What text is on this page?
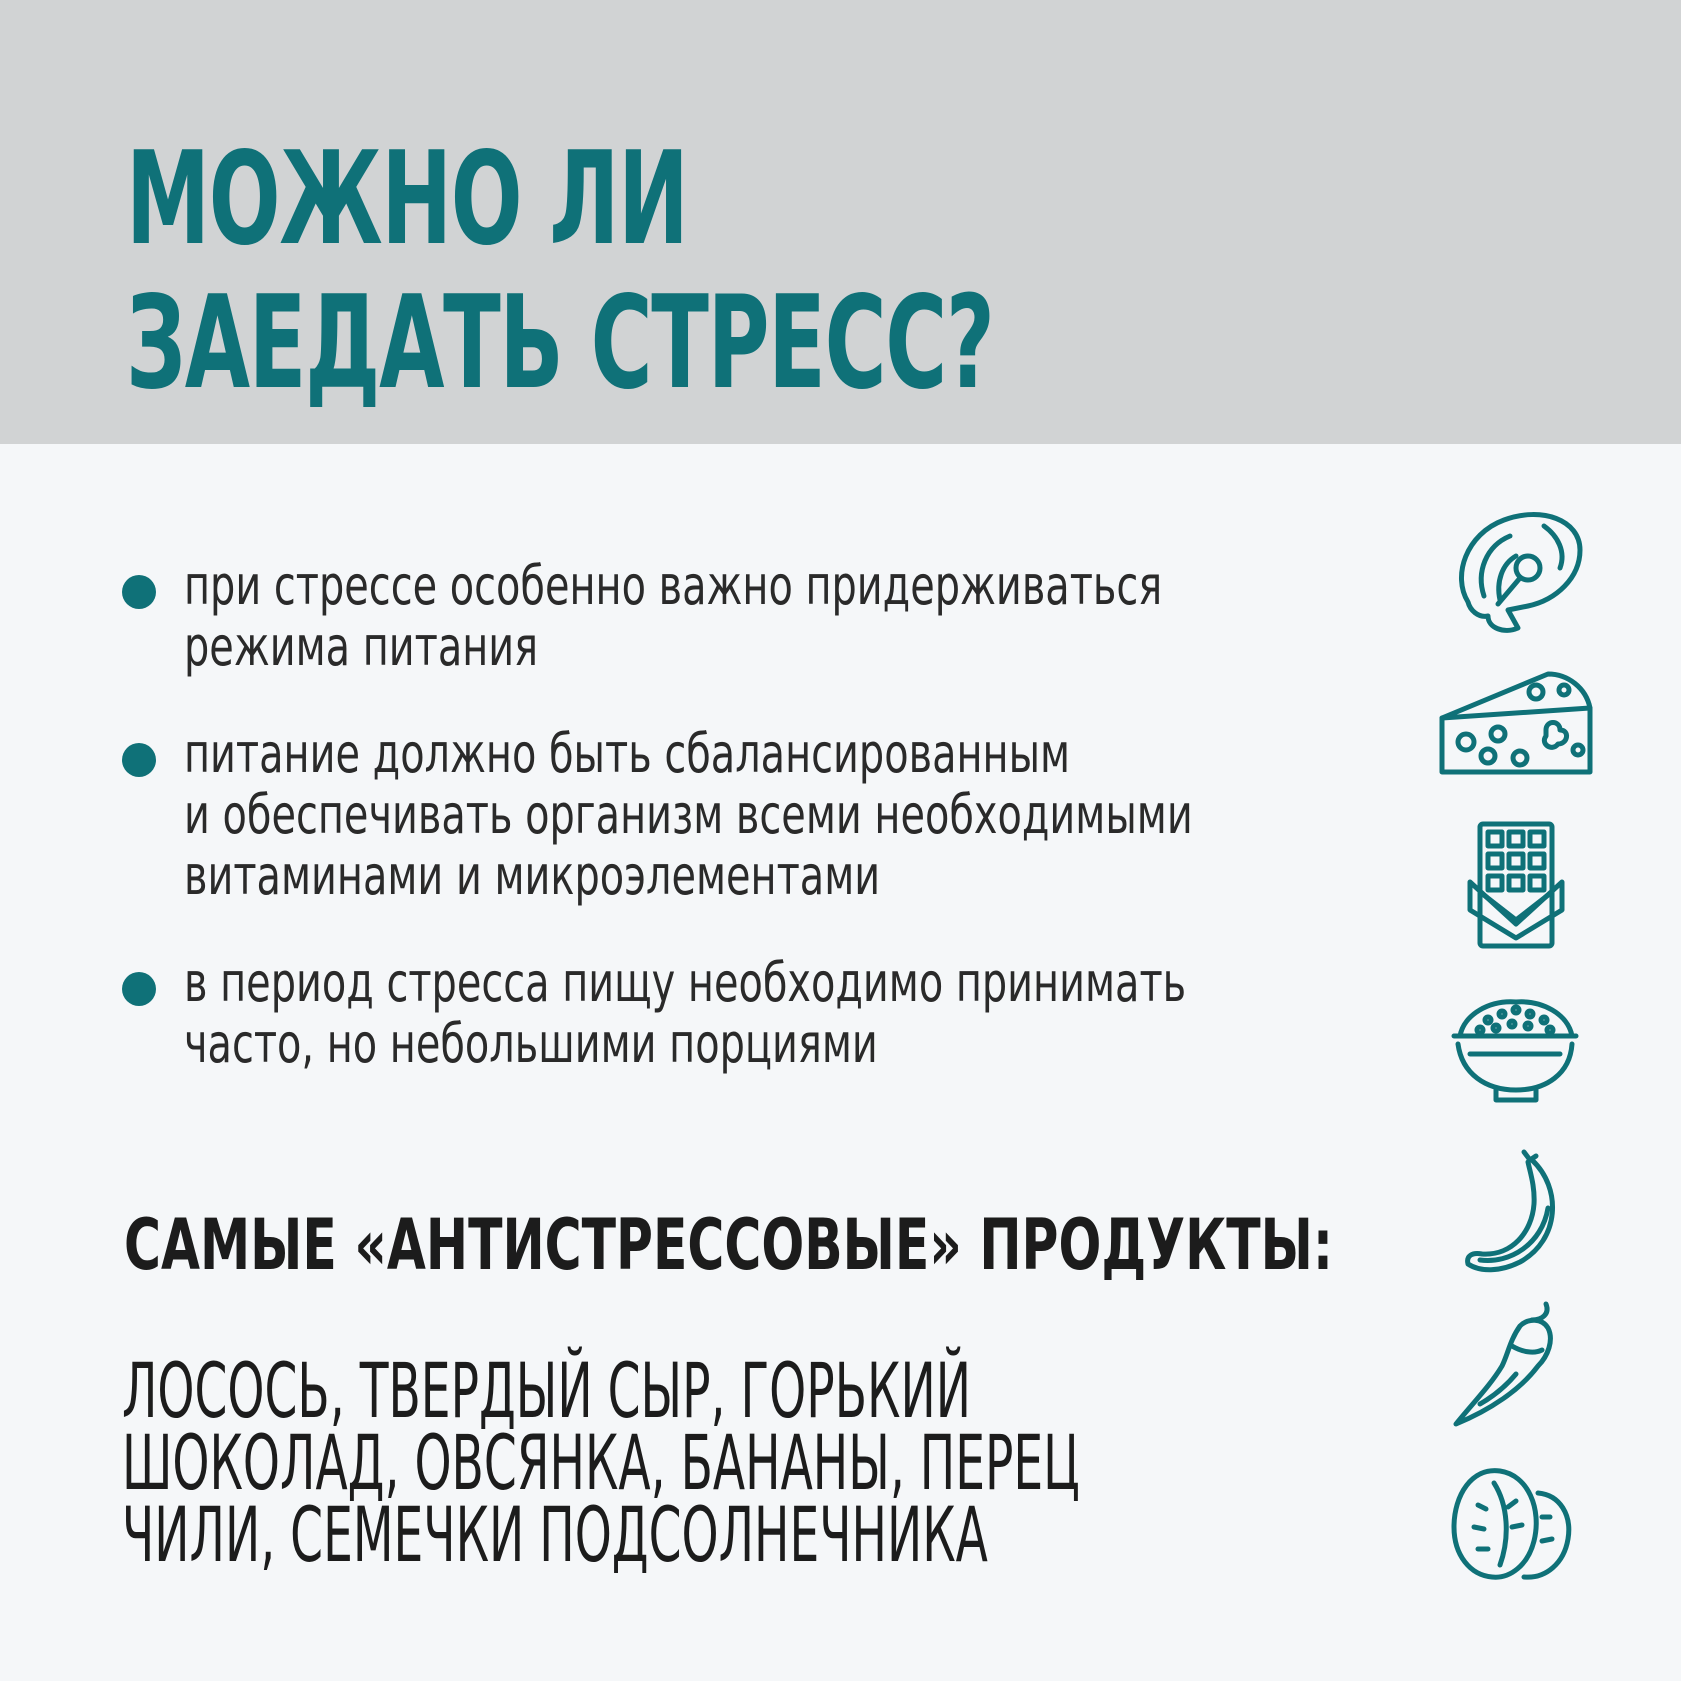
МОЖНО ЛИ
ЗАЕДАТЬ СТРЕСС?
при стрессе особенно важно придерживаться
режима питания
питание должно быть сбалансированным
и обеспечивать организм всеми необходимыми
витаминами и микроэлементами
в период стресса пищу необходимо принимать
часто, но небольшими порциями
САМЫЕ «АНТИСТРЕССОВЫЕ» ПРОДУКТЫ:

ЛОСОСЬ, ТВЕРДЫЙ СЫР, ГОРЬКИЙ
ШОКОЛАД, ОВСЯНКА, БАНАНЫ, ПЕРЕЦ
ЧИЛИ, СЕМЕЧКИ ПОДСОЛНЕЧНИКА
